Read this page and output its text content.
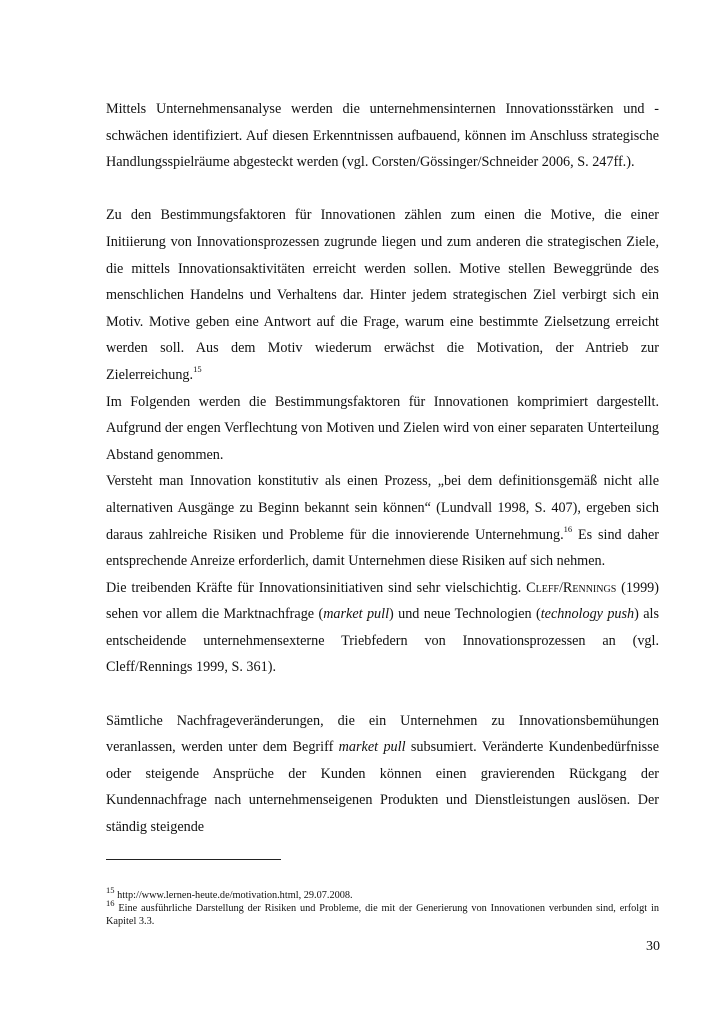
Mittels Unternehmensanalyse werden die unternehmensinternen Innovationsstärken und -schwächen identifiziert. Auf diesen Erkenntnissen aufbauend, können im Anschluss strategische Handlungsspielräume abgesteckt werden (vgl. Corsten/Gössinger/Schneider 2006, S. 247ff.).

Zu den Bestimmungsfaktoren für Innovationen zählen zum einen die Motive, die einer Initiierung von Innovationsprozessen zugrunde liegen und zum anderen die strategischen Ziele, die mittels Innovationsaktivitäten erreicht werden sollen. Motive stellen Beweggründe des menschlichen Handelns und Verhaltens dar. Hinter jedem strategischen Ziel verbirgt sich ein Motiv. Motive geben eine Antwort auf die Frage, warum eine bestimmte Zielsetzung erreicht werden soll. Aus dem Motiv wiederum erwächst die Motivation, der Antrieb zur Zielerreichung.$^{15}$

Im Folgenden werden die Bestimmungsfaktoren für Innovationen komprimiert dargestellt. Aufgrund der engen Verflechtung von Motiven und Zielen wird von einer separaten Unterteilung Abstand genommen.

Versteht man Innovation konstitutiv als einen Prozess, „bei dem definitionsgemäß nicht alle alternativen Ausgänge zu Beginn bekannt sein können“ (Lundvall 1998, S. 407), ergeben sich daraus zahlreiche Risiken und Probleme für die innovierende Unternehmung.$^{16}$ Es sind daher entsprechende Anreize erforderlich, damit Unternehmen diese Risiken auf sich nehmen.

Die treibenden Kräfte für Innovationsinitiativen sind sehr vielschichtig. Cleff/Rennings (1999) sehen vor allem die Marktnachfrage (market pull) und neue Technologien (technology push) als entscheidende unternehmensexterne Triebfedern von Innovationsprozessen an (vgl. Cleff/Rennings 1999, S. 361).

Sämtliche Nachfrageveränderungen, die ein Unternehmen zu Innovationsbemühungen veranlassen, werden unter dem Begriff market pull subsumiert. Veränderte Kundenbedürfnisse oder steigende Ansprüche der Kunden können einen gravierenden Rückgang der Kundennachfrage nach unternehmenseigenen Produkten und Dienstleistungen auslösen. Der ständig steigende

$^{15}$ http://www.lernen-heute.de/motivation.html, 29.07.2008.

$^{16}$ Eine ausführliche Darstellung der Risiken und Probleme, die mit der Generierung von Innovationen verbunden sind, erfolgt in Kapitel 3.3.

30
